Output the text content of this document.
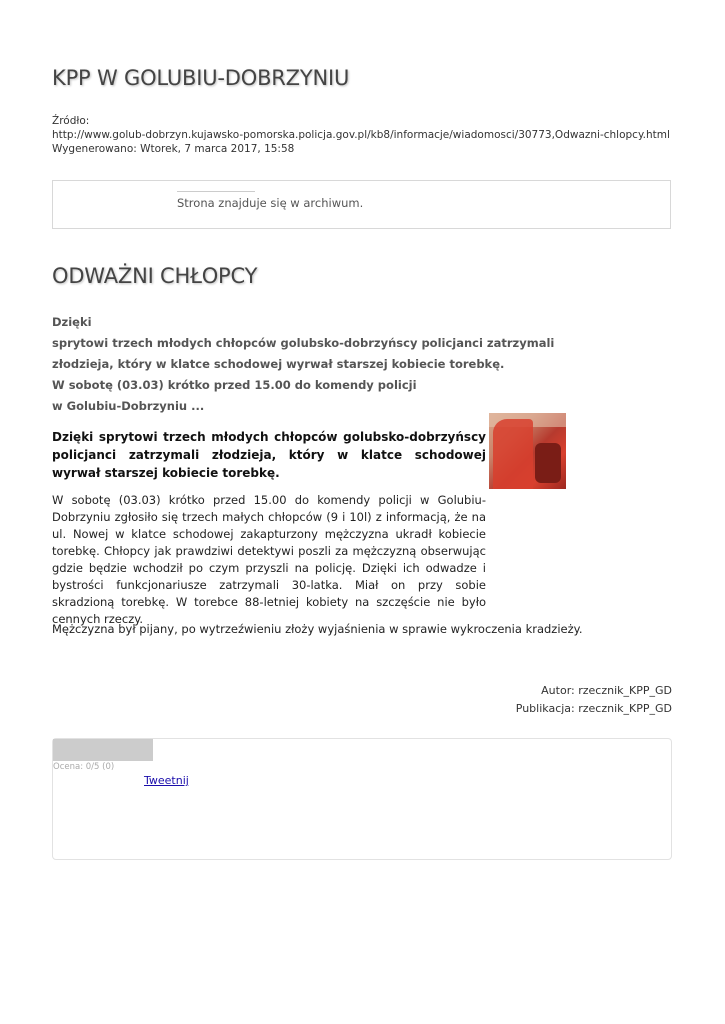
KPP W GOLUBIU-DOBRZYNIU
Źródło:
http://www.golub-dobrzyn.kujawsko-pomorska.policja.gov.pl/kb8/informacje/wiadomosci/30773,Odwazni-chlopcy.html
Wygenerowano: Wtorek, 7 marca 2017, 15:58
Strona znajduje się w archiwum.
ODWAŻNI CHŁOPCY
Dzięki
sprytowi trzech młodych chłopców golubsko-dobrzyńscy policjanci zatrzymali
złodzieja, który w klatce schodowej wyrwał starszej kobiecie torebkę.
W sobotę (03.03) krótko przed 15.00 do komendy policji
w Golubiu-Dobrzyniu ...
Dzięki sprytowi trzech młodych chłopców golubsko-dobrzyńscy policjanci zatrzymali złodzieja, który w klatce schodowej wyrwał starszej kobiecie torebkę.
W sobotę (03.03) krótko przed 15.00 do komendy policji w Golubiu-Dobrzyniu zgłosiło się trzech małych chłopców (9 i 10l) z informacją, że na ul. Nowej w klatce schodowej zakapturzony mężczyzna ukradł kobiecie torebkę. Chłopcy jak prawdziwi detektywi poszli za mężczyzną obserwując gdzie będzie wchodził po czym przyszli na policję. Dzięki ich odwadze i bystrości funkcjonariusze zatrzymali 30-latka. Miał on przy sobie skradzioną torebkę. W torebce 88-letniej kobiety na szczęście nie było cennych rzeczy.
Mężczyzna był pijany, po wytrzeźwieniu złoży wyjaśnienia w sprawie wykroczenia kradzieży.
Autor: rzecznik_KPP_GD
Publikacja: rzecznik_KPP_GD
Ocena: 0/5 (0)
Tweetnij
